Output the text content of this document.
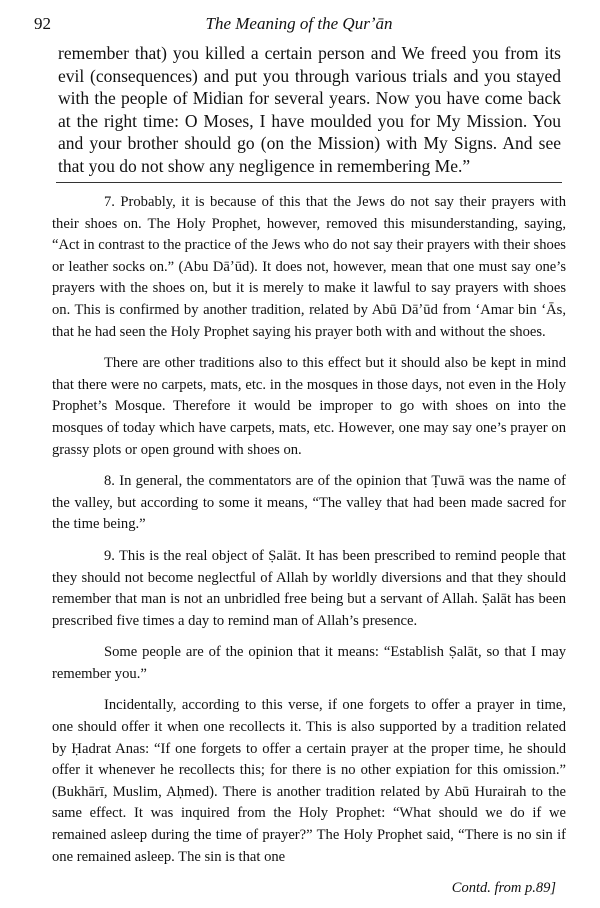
92	The Meaning of the Qurʼān

remember that) you killed a certain person and We freed you from its evil (consequences) and put you through various trials and you stayed with the people of Midian for several years. Now you have come back at the right time: O Moses, I have moulded you for My Mission. You and your brother should go (on the Mission) with My Signs. And see that you do not show any negligence in remembering Me.”

7. Probably, it is because of this that the Jews do not say their prayers with their shoes on. The Holy Prophet, however, removed this misunderstanding, saying, “Act in contrast to the practice of the Jews who do not say their prayers with their shoes or leather socks on.” (Abu Dāʼūd). It does not, however, mean that one must say one’s prayers with the shoes on, but it is merely to make it lawful to say prayers with shoes on. This is confirmed by another tradition, related by Abū Dāʼūd from ‘Amar bin ‘Ās, that he had seen the Holy Prophet saying his prayer both with and without the shoes.

There are other traditions also to this effect but it should also be kept in mind that there were no carpets, mats, etc. in the mosques in those days, not even in the Holy Prophet’s Mosque. Therefore it would be improper to go with shoes on into the mosques of today which have carpets, mats, etc. However, one may say one’s prayer on grassy plots or open ground with shoes on.

8. In general, the commentators are of the opinion that Ṭuwā was the name of the valley, but according to some it means, “The valley that had been made sacred for the time being.”

9. This is the real object of Ṣalāt. It has been prescribed to remind people that they should not become neglectful of Allah by worldly diversions and that they should remember that man is not an unbridled free being but a servant of Allah. Ṣalāt has been prescribed five times a day to remind man of Allah’s presence.

Some people are of the opinion that it means: “Establish Ṣalāt, so that I may remember you.”

Incidentally, according to this verse, if one forgets to offer a prayer in time, one should offer it when one recollects it. This is also supported by a tradition related by Ḥadrat Anas: “If one forgets to offer a certain prayer at the proper time, he should offer it whenever he recollects this; for there is no other expiation for this omission.” (Bukhārī, Muslim, Aḥmed). There is another tradition related by Abū Hurairah to the same effect. It was inquired from the Holy Prophet: “What should we do if we remained asleep during the time of prayer?” The Holy Prophet said, “There is no sin if one remained asleep. The sin is that one

Contd. from p.89]
